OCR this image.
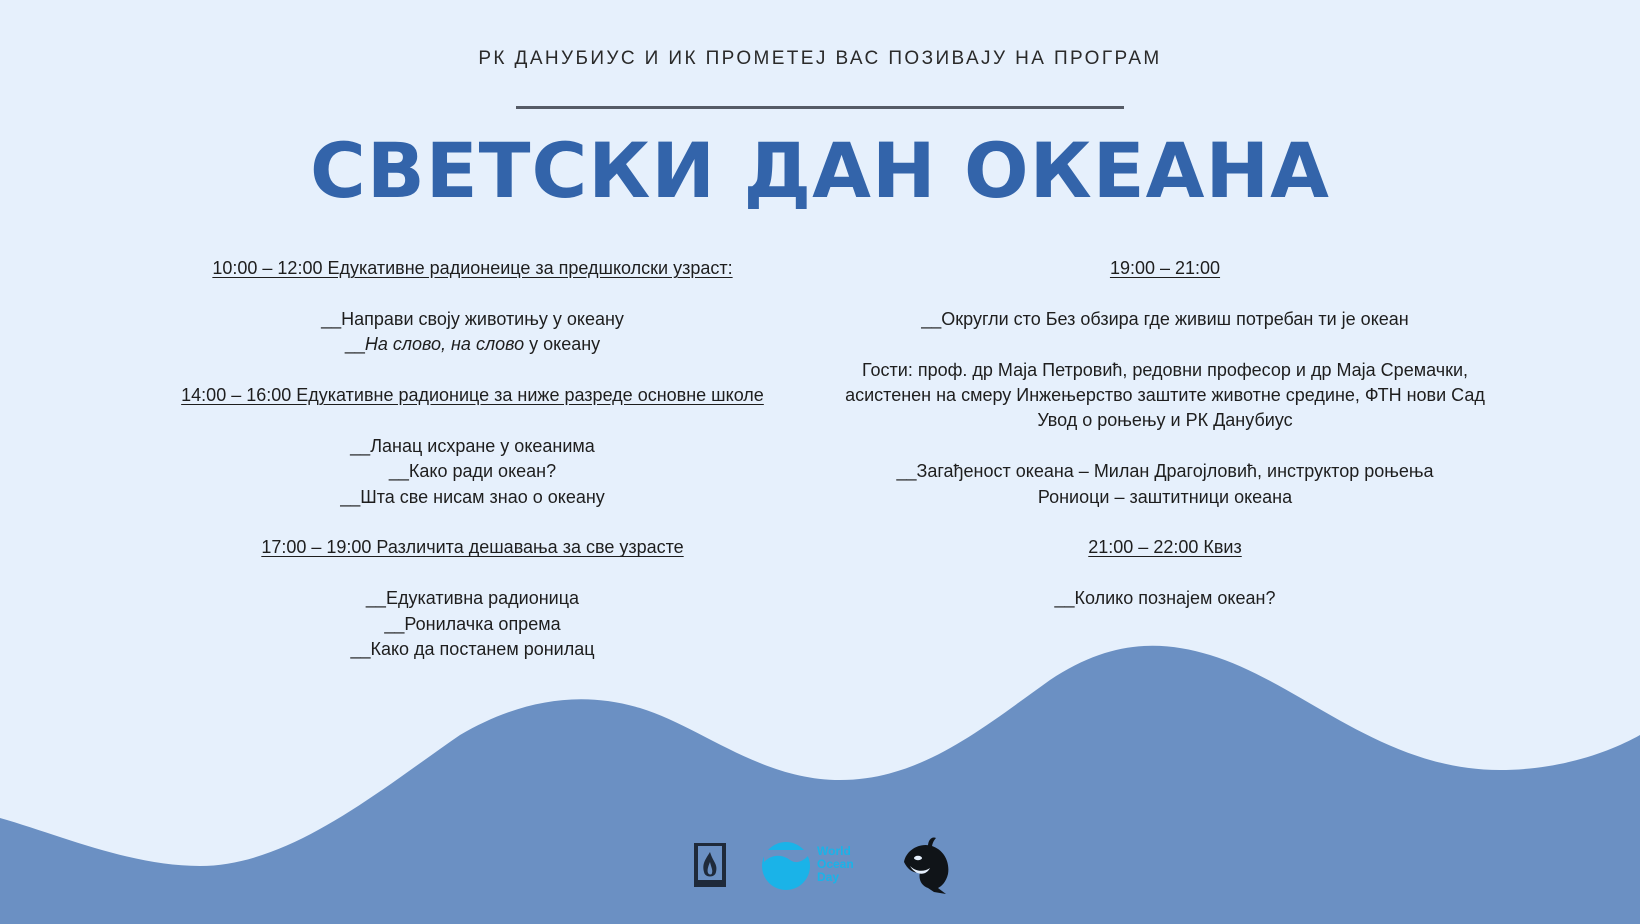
РК ДАНУБИУС И ИК ПРОМЕТЕЈ ВАС ПОЗИВАЈУ НА ПРОГРАМ
СВЕТСКИ ДАН ОКЕАНА

10:00 – 12:00 Едукативне радионеице за предшколски узраст:

__Направи своју животињу у океану

__На слово, на слово у океану

14:00 – 16:00 Едукативне радионице за ниже разреде основне школе

__Ланац исхране у океанима

__Како ради океан?

__Шта све нисам знао о океану

17:00 – 19:00 Различита дешавања за све узрасте

__Едукативна радионица

__Ронилачка опрема

__Како да постанем ронилац

19:00 – 21:00

__Округли сто Без обзира где живиш потребан ти је океан

Гости: проф. др Маја Петровић, редовни професор и др Маја Сремачки,

асистенен на смеру Инжењерство заштите животне средине, ФТН нови Сад

Увод о роњењу и РК Данубиус

__Загађеност океана – Милан Драгојловић, инструктор роњења

Рониоци – заштитници океана

21:00 – 22:00 Квиз

__Колико познајем океан?

World
Ocean
Day
